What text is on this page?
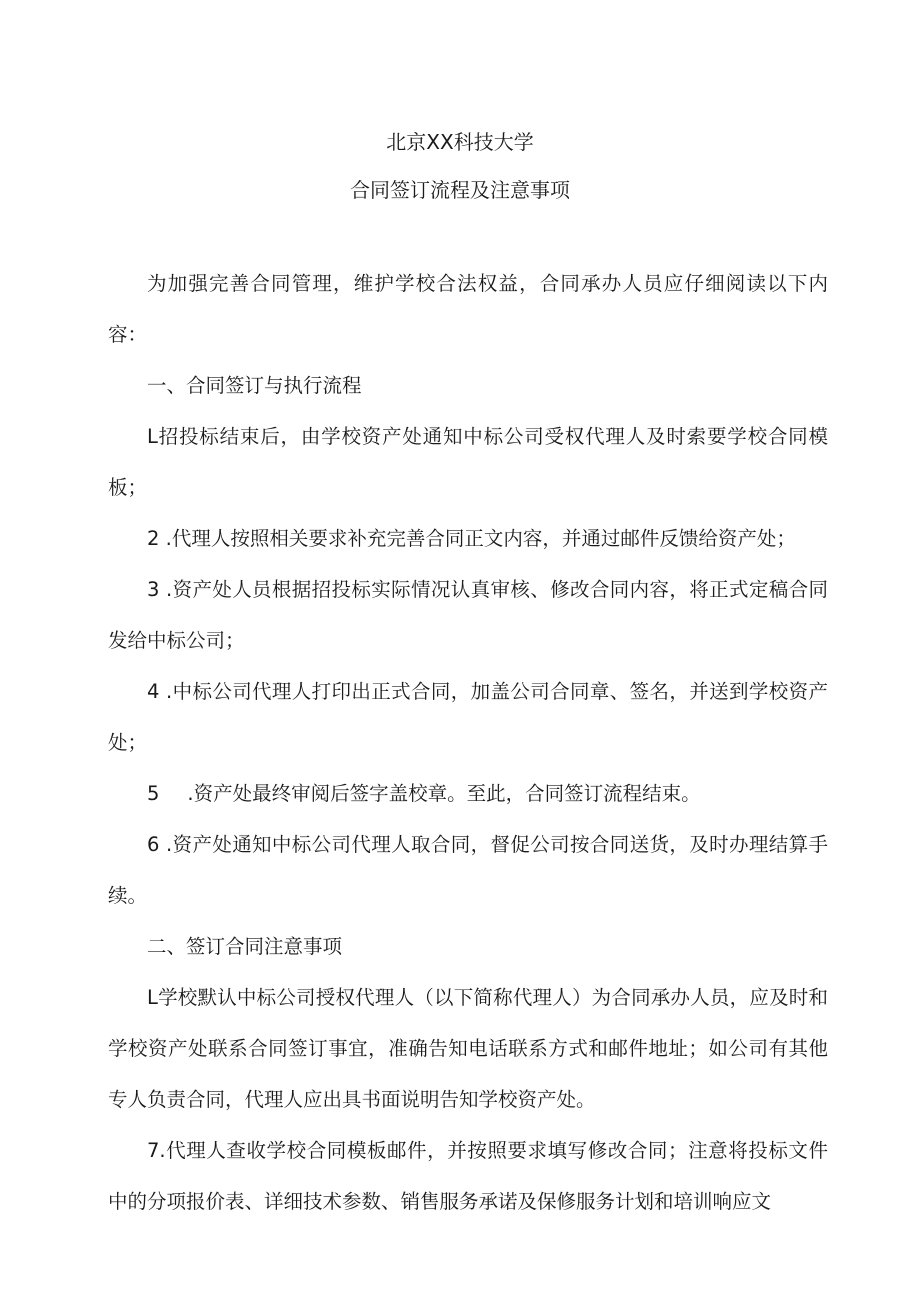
北京XX科技大学
合同签订流程及注意事项

为加强完善合同管理，维护学校合法权益，合同承办人员应仔细阅读以下内容：

一、合同签订与执行流程

L招投标结束后，由学校资产处通知中标公司受权代理人及时索要学校合同模板；

2 .代理人按照相关要求补充完善合同正文内容，并通过邮件反馈给资产处；

3 .资产处人员根据招投标实际情况认真审核、修改合同内容，将正式定稿合同发给中标公司；

4 .中标公司代理人打印出正式合同，加盖公司合同章、签名，并送到学校资产处；

5 .资产处最终审阅后签字盖校章。至此，合同签订流程结束。

6 .资产处通知中标公司代理人取合同，督促公司按合同送货，及时办理结算手续。

二、签订合同注意事项

L学校默认中标公司授权代理人（以下简称代理人）为合同承办人员，应及时和学校资产处联系合同签订事宜，准确告知电话联系方式和邮件地址；如公司有其他专人负责合同，代理人应出具书面说明告知学校资产处。

7.代理人查收学校合同模板邮件，并按照要求填写修改合同；注意将投标文件中的分项报价表、详细技术参数、销售服务承诺及保修服务计划和培训响应文
